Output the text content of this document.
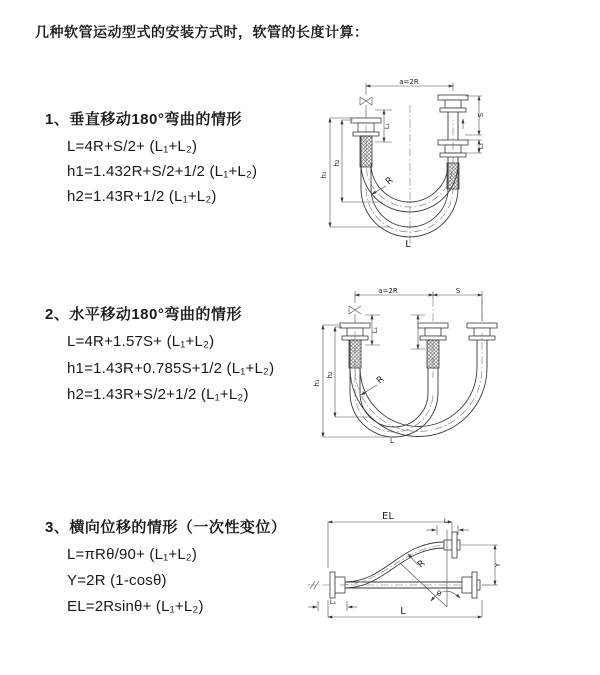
几种软管运动型式的安装方式时，软管的长度计算：
1、垂直移动180°弯曲的情形
L=4R+S/2+ (L₁+L₂)
h1=1.432R+S/2+1/2 (L₁+L₂)
h2=1.43R+1/2 (L₁+L₂)
2、水平移动180°弯曲的情形
L=4R+1.57S+ (L₁+L₂)
h1=1.43R+0.785S+1/2 (L₁+L₂)
h2=1.43R+S/2+1/2 (L₁+L₂)
3、横向位移的情形（一次性变位）
L=πRθ/90+ (L₁+L₂)
Y=2R (1-cosθ)
EL=2Rsinθ+ (L₁+L₂)
a=2R
h₁
h₂
L₁
S
L₁
R
L
a=2R	S
h₁
h₂
L₁
R
L
EL	L₁
Y
θ
R
L₁
L
